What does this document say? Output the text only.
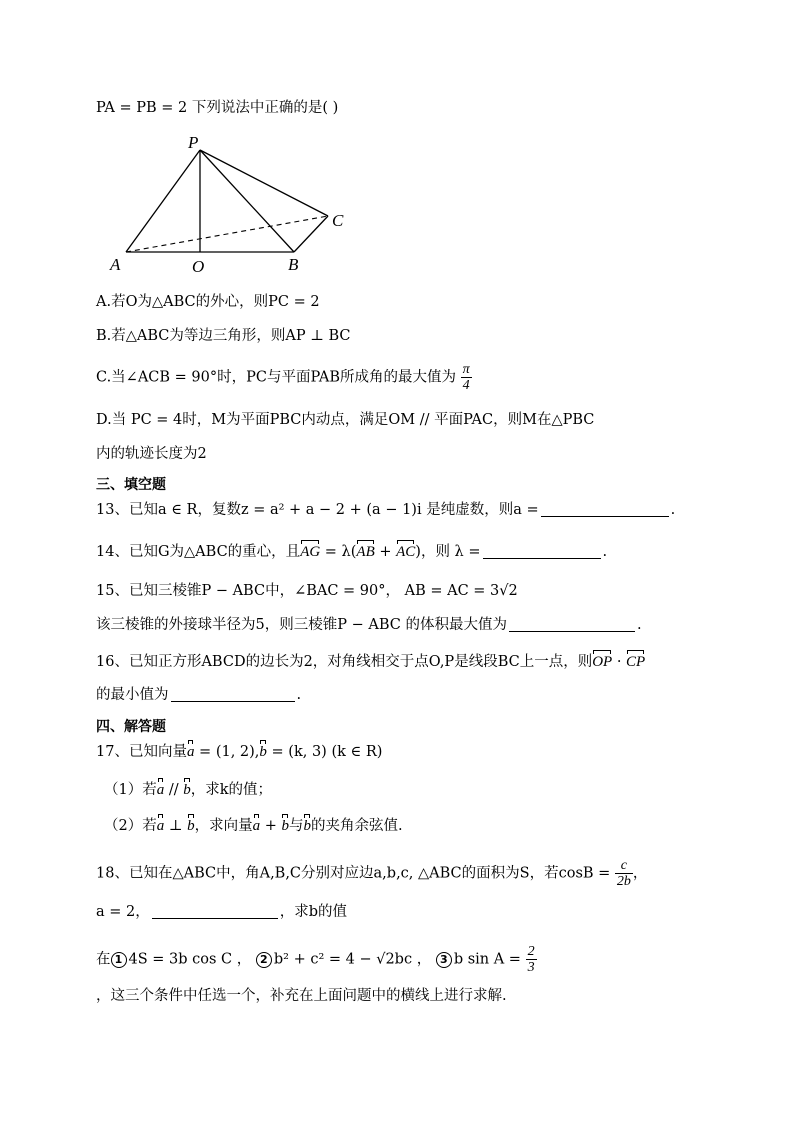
PA = PB = 2 下列说法中正确的是( )
P
A	O	B
C
A.若O为△ABC的外心，则PC = 2
B.若△ABC为等边三角形，则AP ⊥ BC
C.当∠ACB = 90°时，PC与平面PAB所成角的最大值为 $\frac{\pi}{4}$
D.当 PC = 4时，M为平面PBC内动点，满足OM // 平面PAC，则M在△PBC
内的轨迹长度为2
三、填空题
13、已知a ∈ R，复数z = a² + a − 2 + (a − 1)i 是纯虚数，则a =	.
14、已知G为△ABC的重心，且AG = λ(AB + AC)，则 λ =	.
15、已知三棱锥P − ABC中，∠BAC = 90°， AB = AC = 3√2
该三棱锥的外接球半径为5，则三棱锥P − ABC 的体积最大值为	.
16、已知正方形ABCD的边长为2，对角线相交于点O,P是线段BC上一点，则OP · CP
的最小值为	.
四、解答题
17、已知向量a = (1, 2),b = (k, 3) (k ∈ R)
（1）若a // b，求k的值；
（2）若a ⊥ b，求向量a + b与b的夹角余弦值.
18、已知在△ABC中，角A,B,C分别对应边a,b,c, △ABC的面积为S，若$\cos B = \frac{c}{2b}$ ，
a = 2，	，求b的值
在 1 4S = 3b cos C ， 2 b² + c² = 4 − √2bc ， 3 b $\sin A = \frac{2}{3}$
，这三个条件中任选一个，补充在上面问题中的横线上进行求解.
